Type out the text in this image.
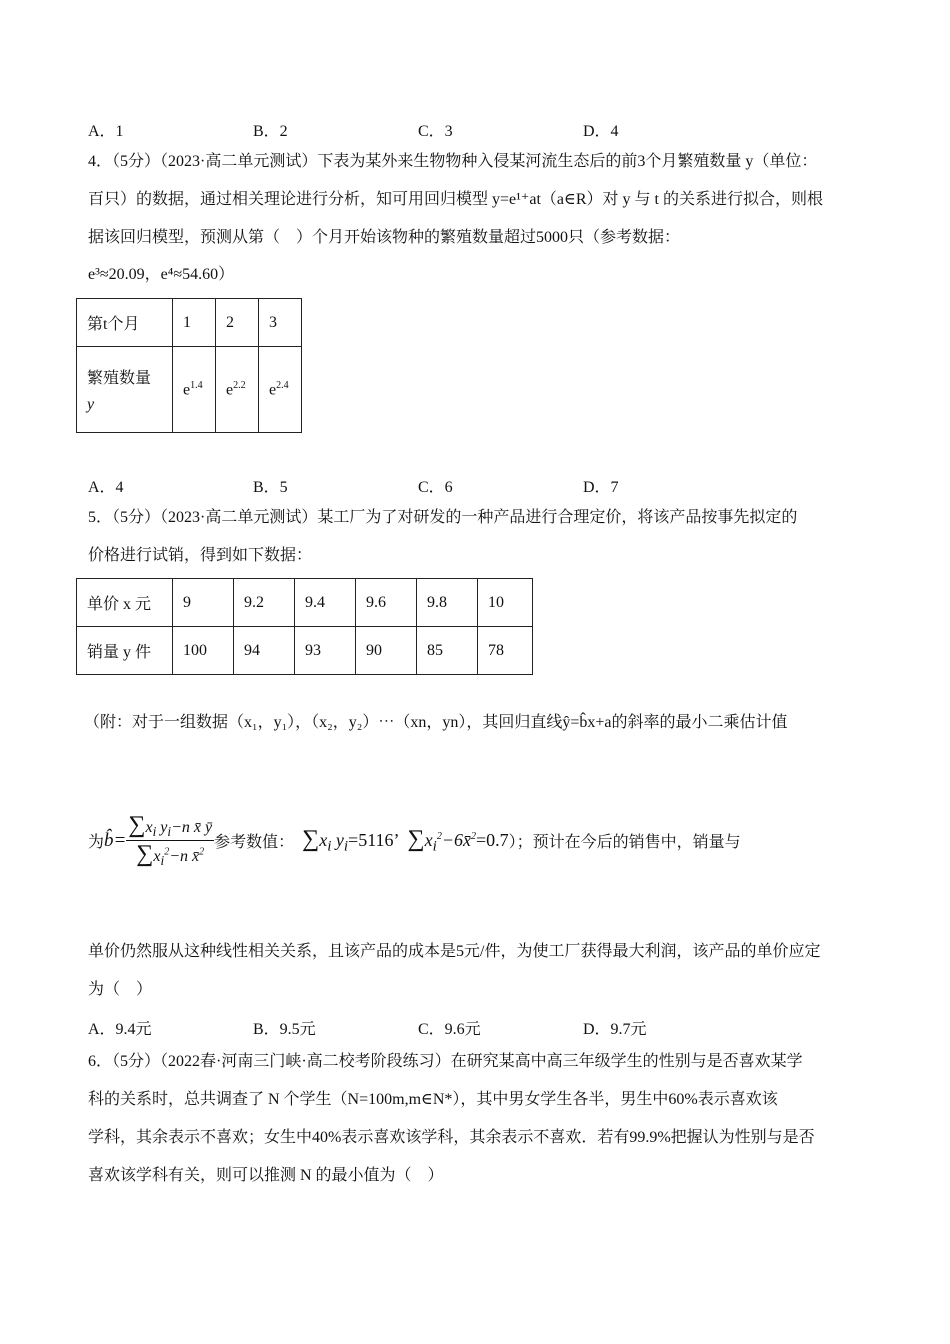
A．1	B．2	C．3	D．4
4．（5分）（2023·高二单元测试）下表为某外来生物物种入侵某河流生态后的前3个月繁殖数量 y（单位：
百只）的数据，通过相关理论进行分析，知可用回归模型 y=e¹⁺at（a∈R）对 y 与 t 的关系进行拟合，则根
据该回归模型，预测从第（　）个月开始该物种的繁殖数量超过5000只（参考数据：
e³≈20.09，e⁴≈54.60）
第t个月	1	2	3

繁殖数量
y	$e^{1.4}$	$e^{2.2}$	$e^{2.4}$
A．4	B．5	C．6	D．7
5．（5分）（2023·高二单元测试）某工厂为了对研发的一种产品进行合理定价，将该产品按事先拟定的
价格进行试销，得到如下数据：
单价 x 元	9	9.2	9.4	9.6	9.8	10
销量 y 件	100	94	93	90	85	78
（附：对于一组数据（x₁，y₁），（x₂，y₂）⋯（xn，yn），其回归直线ŷ=b̂x+a的斜率的最小二乘估计值
为 b̂= $\frac{\sum x_i y_i-n x̄ ȳ}{\sum x_i^2-n x̄^2}$ 参考数值： $\sum x_i$ $y_i =5116$’ $\sum x_i^2-6x̄^2 =0.7$ ）；预计在今后的销售中，销量与
单价仍然服从这种线性相关关系，且该产品的成本是5元/件，为使工厂获得最大利润，该产品的单价应定
为（　）
A．9.4元	B．9.5元	C．9.6元	D．9.7元
6．（5分）（2022春·河南三门峡·高二校考阶段练习）在研究某高中高三年级学生的性别与是否喜欢某学
科的关系时，总共调查了 N 个学生（N=100m,m∈N*），其中男女学生各半，男生中60%表示喜欢该
学科，其余表示不喜欢；女生中40%表示喜欢该学科，其余表示不喜欢．若有99.9%把握认为性别与是否
喜欢该学科有关，则可以推测 N 的最小值为（　）
